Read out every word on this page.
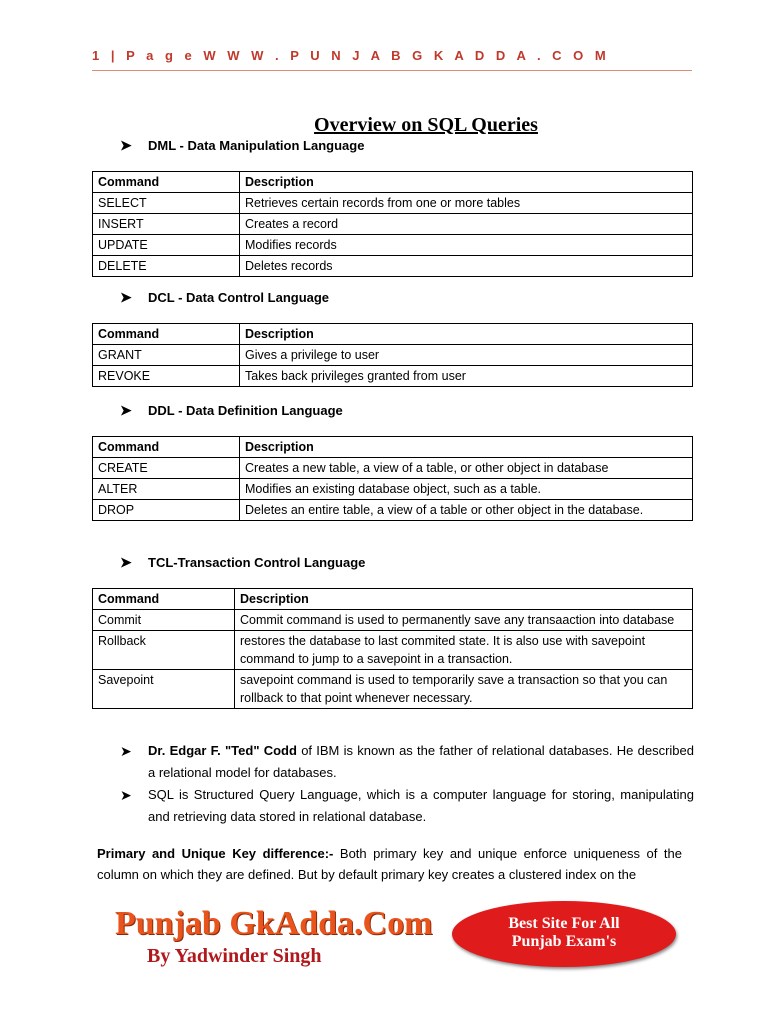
1 | P a g e W W W . P U N J A B G K A D D A . C O M
Overview on SQL Queries
➤ DML - Data Manipulation Language
Command	Description
SELECT	Retrieves certain records from one or more tables
INSERT	Creates a record
UPDATE	Modifies records
DELETE	Deletes records
➤ DCL - Data Control Language
Command	Description
GRANT	Gives a privilege to user
REVOKE	Takes back privileges granted from user
➤ DDL - Data Definition Language
Command	Description
CREATE	Creates a new table, a view of a table, or other object in database
ALTER	Modifies an existing database object, such as a table.
DROP	Deletes an entire table, a view of a table or other object in the database.
➤ TCL-Transaction Control Language
Command	Description
Commit	Commit command is used to permanently save any transaaction into database
Rollback	restores the database to last commited state. It is also use with savepoint command to jump to a savepoint in a transaction.
Savepoint	savepoint command is used to temporarily save a transaction so that you can rollback to that point whenever necessary.
➤ Dr. Edgar F. "Ted" Codd of IBM is known as the father of relational databases. He described a relational model for databases.
➤ SQL is Structured Query Language, which is a computer language for storing, manipulating and retrieving data stored in relational database.
Primary and Unique Key difference:- Both primary key and unique enforce uniqueness of the column on which they are defined. But by default primary key creates a clustered index on the
Punjab GkAdda.Com
By Yadwinder Singh
Best Site For All
Punjab Exam's
